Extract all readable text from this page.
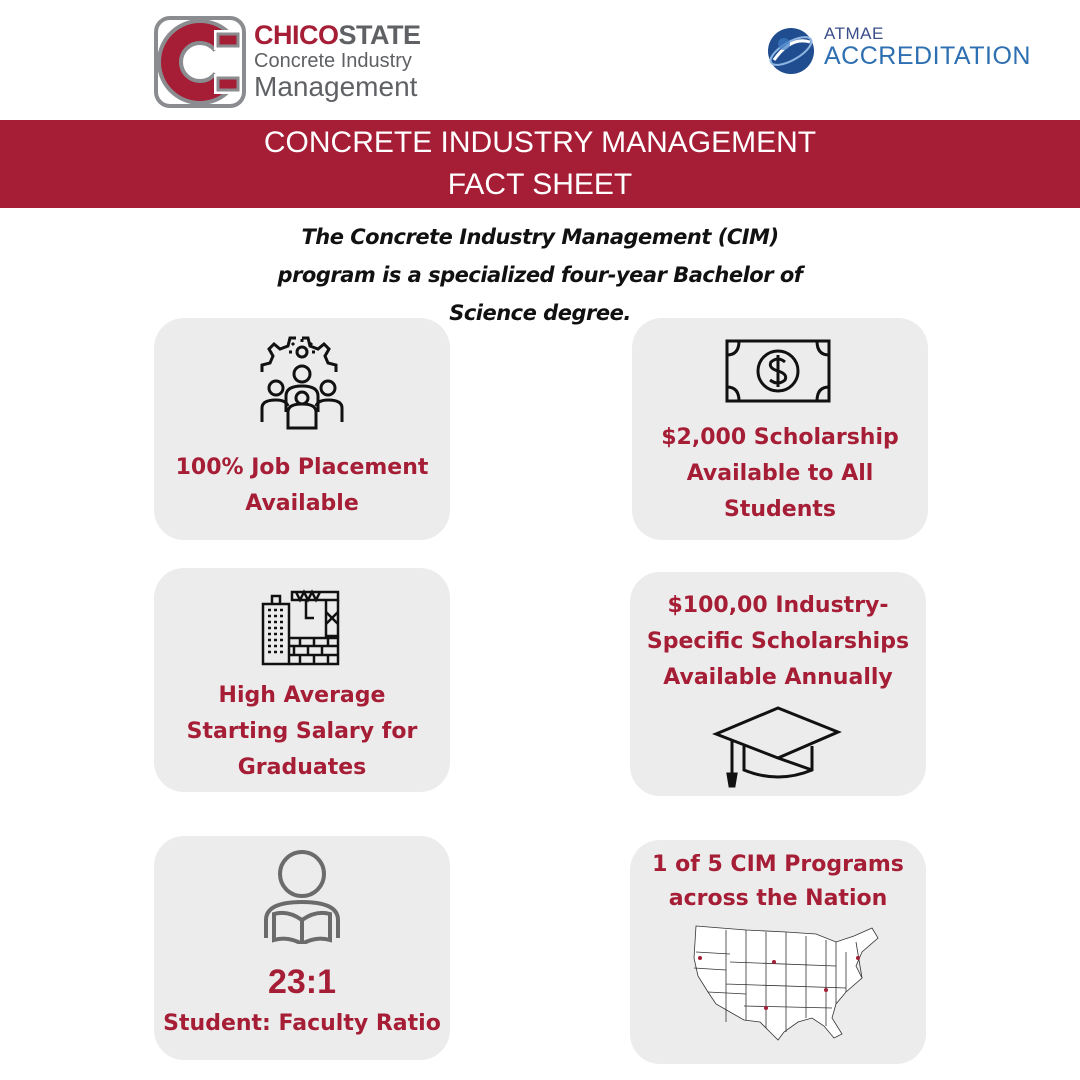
CHICOSTATE
Concrete Industry
Management
ATMAE
ACCREDITATION
CONCRETE INDUSTRY MANAGEMENT
FACT SHEET
The Concrete Industry Management (CIM) program is a specialized four-year Bachelor of Science degree.
100% Job Placement Available
$2,000 Scholarship Available to All Students
High Average Starting Salary for Graduates
$100,00 Industry-Specific Scholarships Available Annually
23:1
Student: Faculty Ratio
1 of 5 CIM Programs across the Nation
